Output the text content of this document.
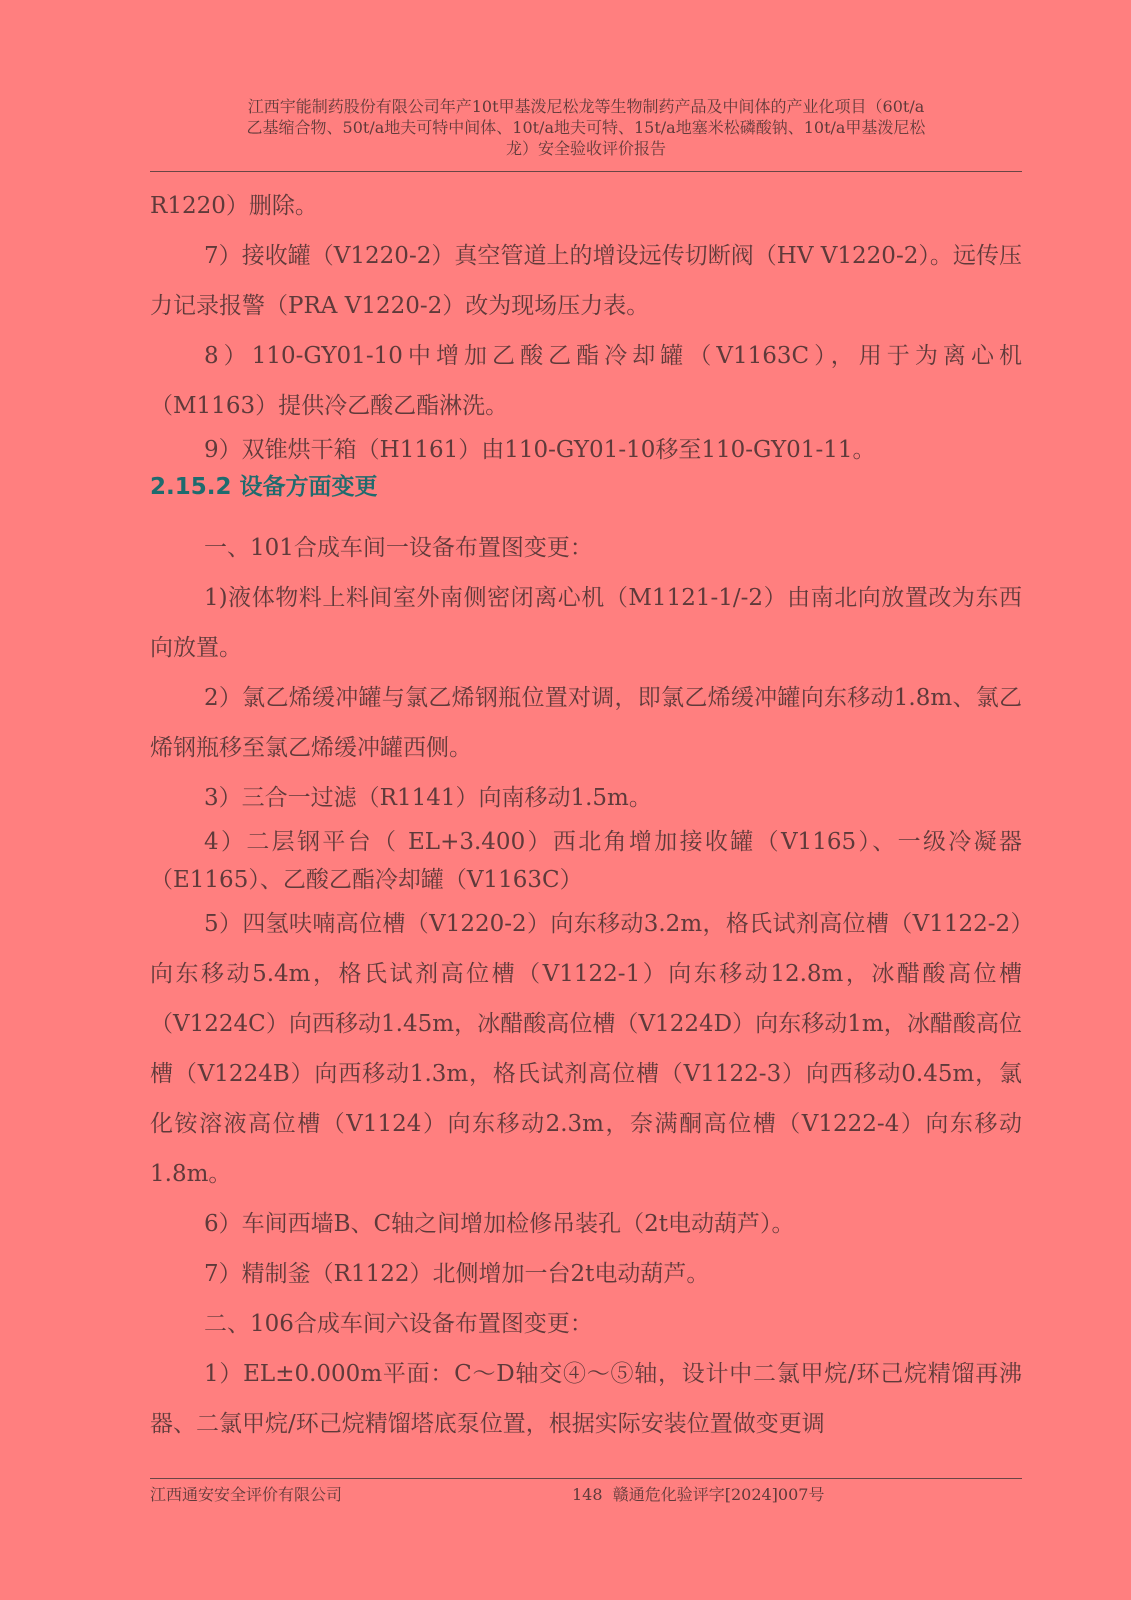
江西宇能制药股份有限公司年产10t甲基泼尼松龙等生物制药产品及中间体的产业化项目（60t/a
乙基缩合物、50t/a地夫可特中间体、10t/a地夫可特、15t/a地塞米松磷酸钠、10t/a甲基泼尼松
龙）安全验收评价报告

R1220）删除。

7）接收罐（V1220-2）真空管道上的增设远传切断阀（HV V1220-2）。远传压力记录报警（PRA V1220-2）改为现场压力表。

8）110-GY01-10中增加乙酸乙酯冷却罐（V1163C），用于为离心机（M1163）提供冷乙酸乙酯淋洗。

9）双锥烘干箱（H1161）由110-GY01-10移至110-GY01-11。

2.15.2 设备方面变更

一、101合成车间一设备布置图变更：

1)液体物料上料间室外南侧密闭离心机（M1121-1/-2）由南北向放置改为东西向放置。

2）氯乙烯缓冲罐与氯乙烯钢瓶位置对调，即氯乙烯缓冲罐向东移动1.8m、氯乙烯钢瓶移至氯乙烯缓冲罐西侧。

3）三合一过滤（R1141）向南移动1.5m。

4）二层钢平台（ EL+3.400）西北角增加接收罐（V1165）、一级冷凝器（E1165）、乙酸乙酯冷却罐（V1163C）

5）四氢呋喃高位槽（V1220-2）向东移动3.2m，格氏试剂高位槽（V1122-2）向东移动5.4m，格氏试剂高位槽（V1122-1）向东移动12.8m，冰醋酸高位槽（V1224C）向西移动1.45m，冰醋酸高位槽（V1224D）向东移动1m，冰醋酸高位槽（V1224B）向西移动1.3m，格氏试剂高位槽（V1122-3）向西移动0.45m，氯化铵溶液高位槽（V1124）向东移动2.3m，奈满酮高位槽（V1222-4）向东移动1.8m。

6）车间西墙B、C轴之间增加检修吊装孔（2t电动葫芦）。

7）精制釜（R1122）北侧增加一台2t电动葫芦。

二、106合成车间六设备布置图变更：

1）EL±0.000m平面：C～D轴交④～⑤轴，设计中二氯甲烷/环己烷精馏再沸器、二氯甲烷/环己烷精馏塔底泵位置，根据实际安装位置做变更调

江西通安安全评价有限公司	148 赣通危化验评字[2024]007号
